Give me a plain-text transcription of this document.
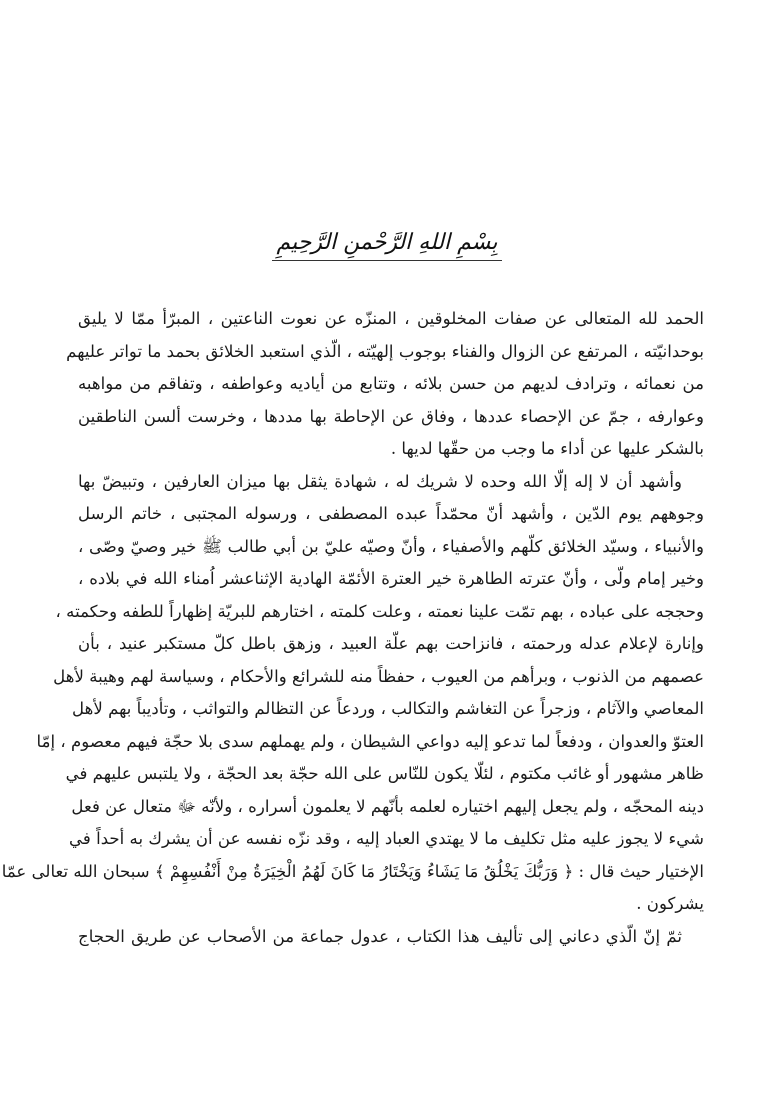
بِسْمِ اللهِ الرَّحْمنِ الرَّحِيمِ

الحمد لله المتعالى عن صفات المخلوقين ، المنزّه عن نعوت الناعتين ، المبرّأ ممّا لا يليق
بوحدانيّته ، المرتفع عن الزوال والفناء بوجوب إلهيّته ، الّذي استعبد الخلائق بحمد ما تواتر عليهم
من نعمائه ، وترادف لديهم من حسن بلائه ، وتتابع من أياديه وعواطفه ، وتفاقم من مواهبه
وعوارفه ، جمّ عن الإحصاء عددها ، وفاق عن الإحاطة بها مددها ، وخرست ألسن الناطقين
بالشكر عليها عن أداء ما وجب من حقّها لديها .

وأشهد أن لا إله إلّا الله وحده لا شريك له ، شهادة يثقل بها ميزان العارفين ، وتبيضّ بها
وجوههم يوم الدّين ، وأشهد أنّ محمّداً عبده المصطفى ، ورسوله المجتبى ، خاتم الرسل
والأنبياء ، وسيّد الخلائق كلّهم والأصفياء ، وأنّ وصيّه عليّ بن أبي طالب ﷺ خير وصيّ وصّى ،
وخير إمام ولّى ، وأنّ عترته الطاهرة خير العترة الأئمّة الهادية الإثناعشر اُمناء الله في بلاده ،
وحججه على عباده ، بهم تمّت علينا نعمته ، وعلت كلمته ، اختارهم للبريّة إظهاراً للطفه وحكمته ،
وإنارة لإعلام عدله ورحمته ، فانزاحت بهم علّة العبيد ، وزهق باطل كلّ مستكبر عنيد ، بأن
عصمهم من الذنوب ، وبرأهم من العيوب ، حفظاً منه للشرائع والأحكام ، وسياسة لهم وهيبة لأهل
المعاصي والآثام ، وزجراً عن التغاشم والتكالب ، وردعاً عن التظالم والتواثب ، وتأديباً بهم لأهل
العتوّ والعدوان ، ودفعاً لما تدعو إليه دواعي الشيطان ، ولم يهملهم سدى بلا حجّة فيهم معصوم ، إمّا
ظاهر مشهور أو غائب مكتوم ، لئلّا يكون للنّاس على الله حجّة بعد الحجّة ، ولا يلتبس عليهم في
دينه المحجّه ، ولم يجعل إليهم اختياره لعلمه بأنّهم لا يعلمون أسراره ، ولأنّه ﷻ متعال عن فعل
شيء لا يجوز عليه مثل تكليف ما لا يهتدي العباد إليه ، وقد نزّه نفسه عن أن يشرك به أحداً في
الإختيار حيث قال : ﴿ وَرَبُّكَ يَخْلُقُ مَا يَشَاءُ وَيَخْتَارُ مَا كَانَ لَهُمُ الْخِيَرَةُ مِنْ أَنْفُسِهِمْ ﴾ سبحان الله تعالى عمّا
يشركون .

ثمّ إنّ الّذي دعاني إلى تأليف هذا الكتاب ، عدول جماعة من الأصحاب عن طريق الحجاج
